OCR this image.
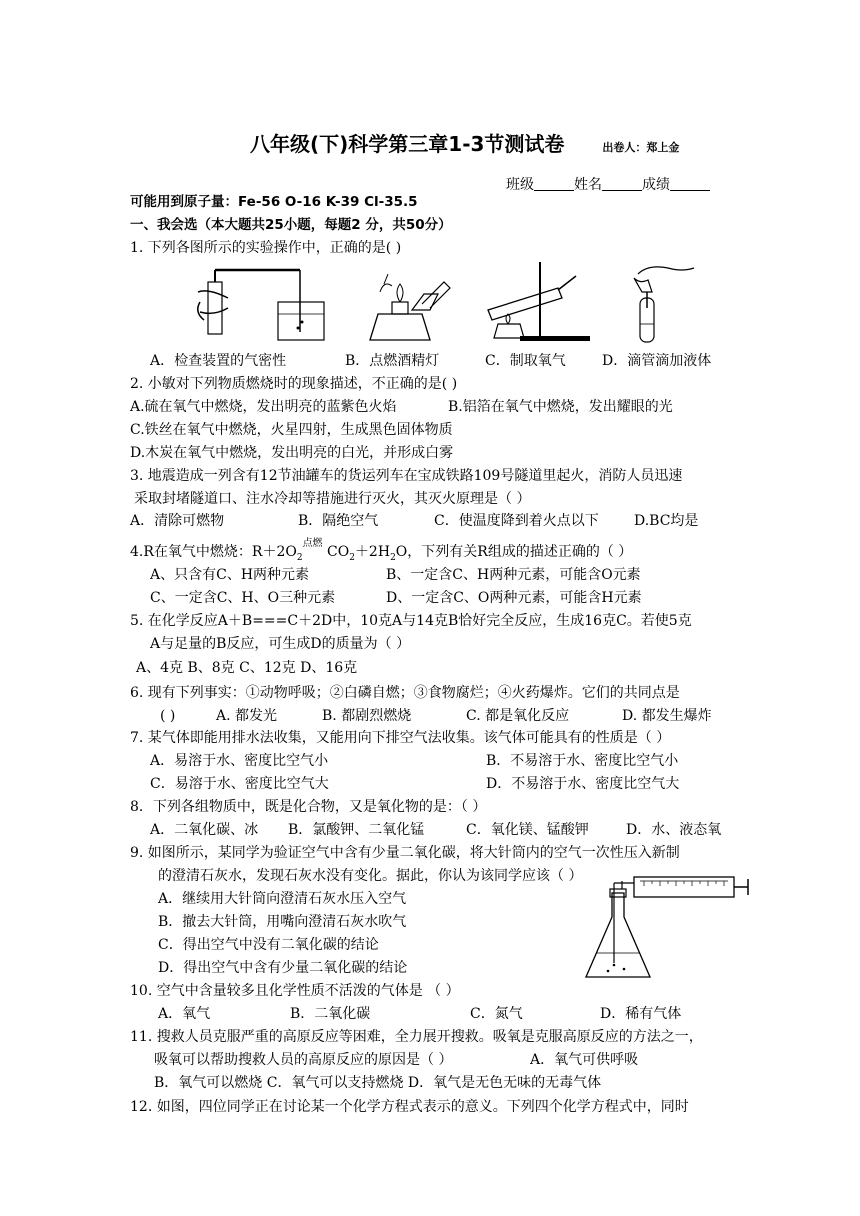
八年级(下)科学第三章1-3节测试卷	出卷人：郑上金
班级	姓名	成绩
可能用到原子量：Fe-56 O-16 K-39 Cl-35.5
一、我会选（本大题共25小题，每题2 分，共50分）
1. 下列各图所示的实验操作中，正确的是( )
A．检查装置的气密性	B．点燃酒精灯	C．制取氧气	D．滴管滴加液体
2. 小敏对下列物质燃烧时的现象描述，不正确的是( )
A.硫在氧气中燃烧，发出明亮的蓝紫色火焰	B.铝箔在氧气中燃烧，发出耀眼的光
C.铁丝在氧气中燃烧，火星四射，生成黑色固体物质
D.木炭在氧气中燃烧，发出明亮的白光，并形成白雾
3. 地震造成一列含有12节油罐车的货运列车在宝成铁路109号隧道里起火，消防人员迅速
采取封堵隧道口、注水冷却等措施进行灭火，其灭火原理是（ ）
A．清除可燃物	B．隔绝空气	C．使温度降到着火点以下	D.BC均是
4.R在氧气中燃烧：$R+2O_2^{点燃}$ $CO_2+2H_2O$，下列有关R组成的描述正确的（ ）
A、只含有C、H两种元素	B、一定含C、H两种元素，可能含O元素
C、一定含C、H、O三种元素	D、一定含C、O两种元素，可能含H元素
5. 在化学反应A＋B===C＋2D中，10克A与14克B恰好完全反应，生成16克C。若使5克
A与足量的B反应，可生成D的质量为（ ）
A、4克 B、8克 C、12克 D、16克
6. 现有下列事实：①动物呼吸；②白磷自燃；③食物腐烂；④火药爆炸。它们的共同点是
( )	A. 都发光	B. 都剧烈燃烧	C. 都是氧化反应	D. 都发生爆炸
7. 某气体即能用排水法收集，又能用向下排空气法收集。该气体可能具有的性质是（ ）
A．易溶于水、密度比空气小	B．不易溶于水、密度比空气小
C．易溶于水、密度比空气大	D．不易溶于水、密度比空气大
8．下列各组物质中，既是化合物，又是氧化物的是：（ ）
A．二氧化碳、冰 B．氯酸钾、二氧化锰	C．氧化镁、锰酸钾	D．水、液态氧
9. 如图所示，某同学为验证空气中含有少量二氧化碳，将大针筒内的空气一次性压入新制
的澄清石灰水，发现石灰水没有变化。据此，你认为该同学应该（ ）
A．继续用大针筒向澄清石灰水压入空气
B．撤去大针筒，用嘴向澄清石灰水吹气
C．得出空气中没有二氧化碳的结论
D．得出空气中含有少量二氧化碳的结论
10. 空气中含量较多且化学性质不活泼的气体是 （ ）
A．氧气	B．二氧化碳	C．氮气	D．稀有气体
11. 搜救人员克服严重的高原反应等困难，全力展开搜救。吸氧是克服高原反应的方法之一，
吸氧可以帮助搜救人员的高原反应的原因是（ ）	A．氧气可供呼吸
B．氧气可以燃烧 C．氧气可以支持燃烧 D．氧气是无色无味的无毒气体
12. 如图，四位同学正在讨论某一个化学方程式表示的意义。下列四个化学方程式中，同时
